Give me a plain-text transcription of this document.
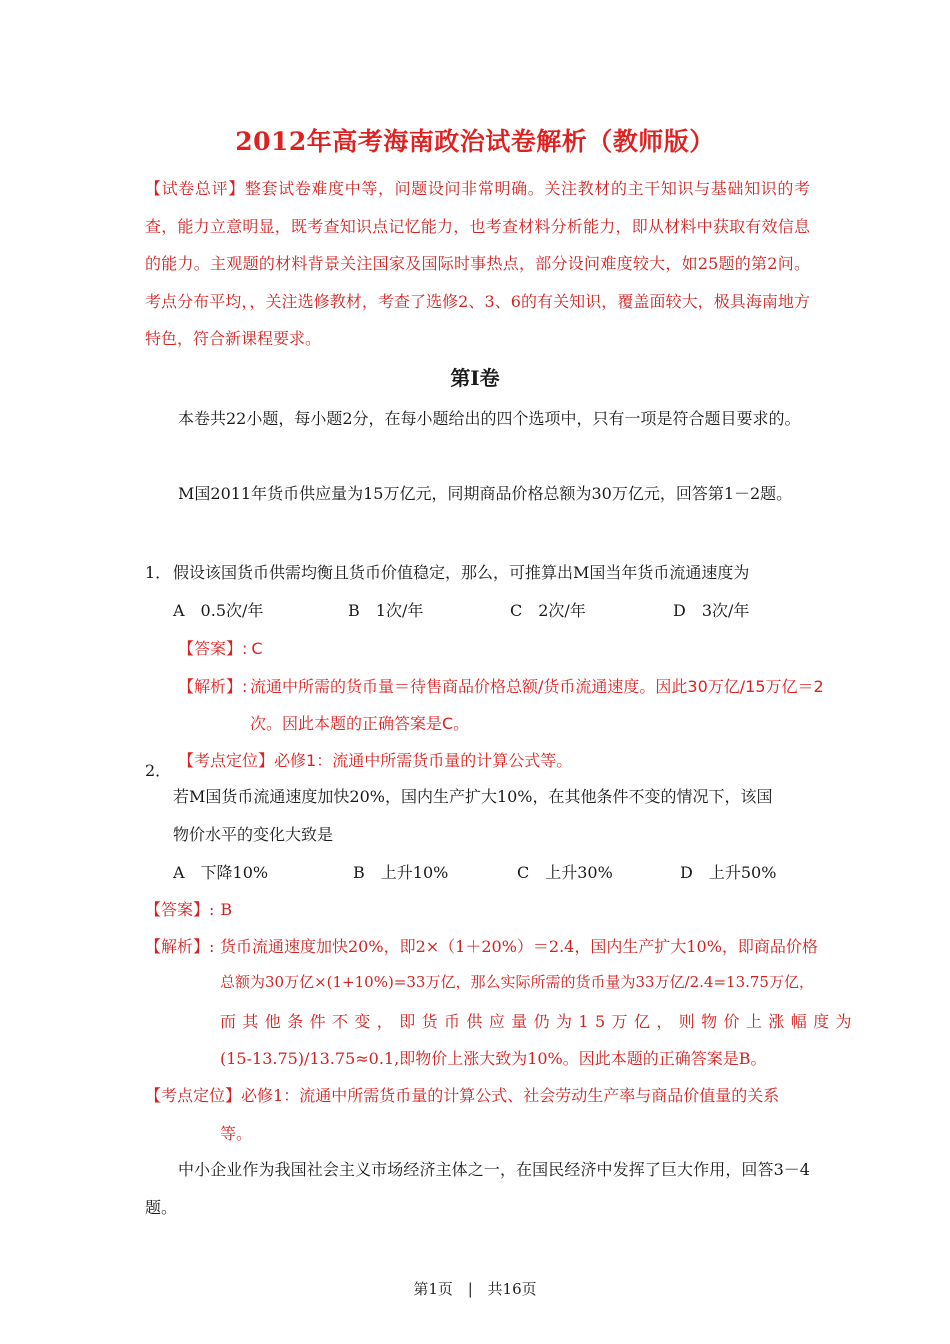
2012年高考海南政治试卷解析（教师版）
【试卷总评】整套试卷难度中等，问题设问非常明确。关注教材的主干知识与基础知识的考查，能力立意明显，既考查知识点记忆能力，也考查材料分析能力，即从材料中获取有效信息的能力。主观题的材料背景关注国家及国际时事热点，部分设问难度较大，如25题的第2问。考点分布平均，，关注选修教材，考查了选修2、3、6的有关知识，覆盖面较大，极具海南地方特色，符合新课程要求。
第I卷
本卷共22小题，每小题2分，在每小题给出的四个选项中，只有一项是符合题目要求的。
M国2011年货币供应量为15万亿元，同期商品价格总额为30万亿元，回答第1－2题。
1． 假设该国货币供需均衡且货币价值稳定，那么，可推算出M国当年货币流通速度为
A　0.5次/年	B　1次/年	C　2次/年	D　3次/年
【答案】: C
【解析】: 流通中所需的货币量＝待售商品价格总额/货币流通速度。因此30万亿/15万亿＝2
次。因此本题的正确答案是C。
【考点定位】必修1：流通中所需货币量的计算公式等。
2．
若M国货币流通速度加快20%，国内生产扩大10%，在其他条件不变的情况下，该国
物价水平的变化大致是
A　下降10%	B　上升10%	C　上升30%	D　上升50%
【答案】: B
【解析】: 货币流通速度加快20%，即2×（1＋20%）＝2.4，国内生产扩大10%，即商品价格
总额为30万亿×(1+10%)=33万亿，那么实际所需的货币量为33万亿/2.4=13.75万亿，
而其他条件不变，即货币供应量仍为15万亿，则物价上涨幅度为
(15-13.75)/13.75≈0.1,即物价上涨大致为10%。因此本题的正确答案是B。
【考点定位】必修1：流通中所需货币量的计算公式、社会劳动生产率与商品价值量的关系
等。
中小企业作为我国社会主义市场经济主体之一，在国民经济中发挥了巨大作用，回答3－4题。
第1页 | 共16页
